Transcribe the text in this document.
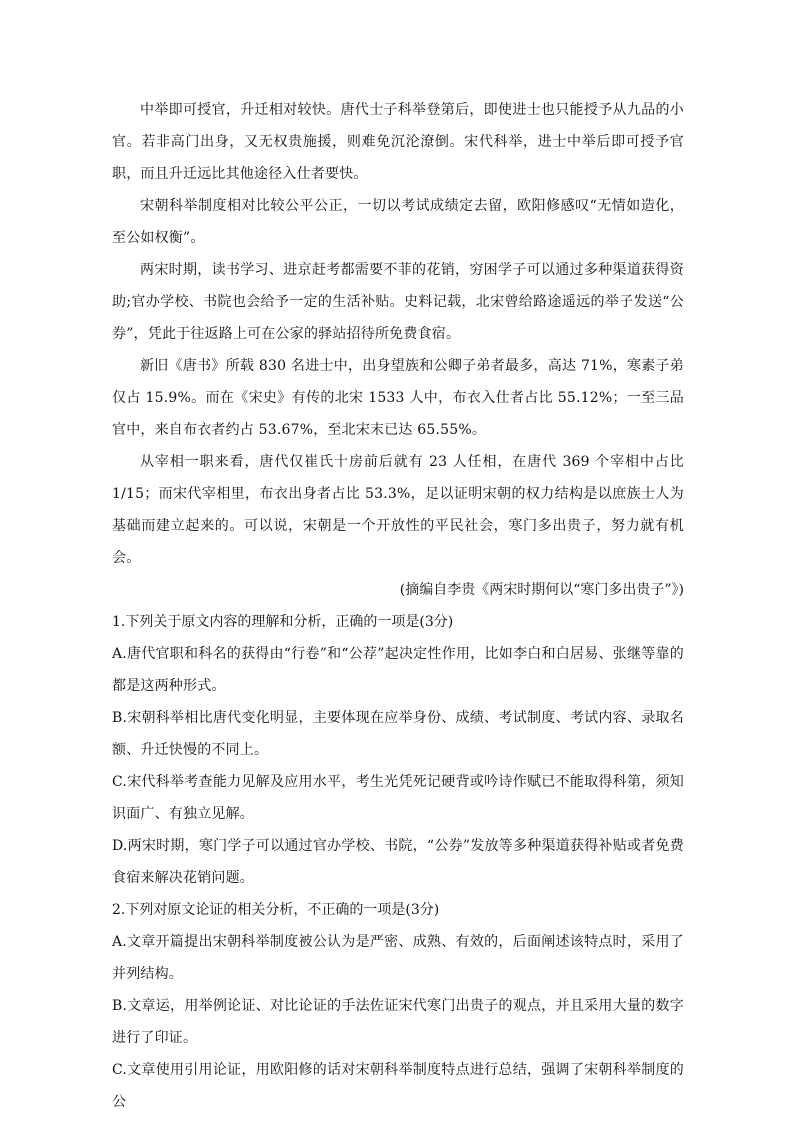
中举即可授官，升迁相对较快。唐代士子科举登第后，即使进士也只能授予从九品的小官。若非高门出身，又无权贵施援，则难免沉沦潦倒。宋代科举，进士中举后即可授予官职，而且升迁远比其他途径入仕者要快。

宋朝科举制度相对比较公平公正，一切以考试成绩定去留，欧阳修感叹“无情如造化，至公如权衡”。

两宋时期，读书学习、进京赶考都需要不菲的花销，穷困学子可以通过多种渠道获得资助;官办学校、书院也会给予一定的生活补贴。史料记载，北宋曾给路途遥远的举子发送“公券”，凭此于往返路上可在公家的驿站招待所免费食宿。

新旧《唐书》所载 830 名进士中，出身望族和公卿子弟者最多，高达 71%，寒素子弟仅占 15.9%。而在《宋史》有传的北宋 1533 人中，布衣入仕者占比 55.12%；一至三品官中，来自布衣者约占 53.67%，至北宋末已达 65.55%。

从宰相一职来看，唐代仅崔氏十房前后就有 23 人任相，在唐代 369 个宰相中占比 1/15；而宋代宰相里，布衣出身者占比 53.3%，足以证明宋朝的权力结构是以庶族士人为基础而建立起来的。可以说，宋朝是一个开放性的平民社会，寒门多出贵子，努力就有机会。

(摘编自李贵《两宋时期何以“寒门多出贵子”》)

1.下列关于原文内容的理解和分析，正确的一项是(3分)

A.唐代官职和科名的获得由“行卷”和“公荐”起决定性作用，比如李白和白居易、张继等靠的都是这两种形式。

B.宋朝科举相比唐代变化明显，主要体现在应举身份、成绩、考试制度、考试内容、录取名额、升迁快慢的不同上。

C.宋代科举考查能力见解及应用水平，考生光凭死记硬背或吟诗作赋已不能取得科第，须知识面广、有独立见解。

D.两宋时期，寒门学子可以通过官办学校、书院，“公券”发放等多种渠道获得补贴或者免费食宿来解决花销问题。

2.下列对原文论证的相关分析，不正确的一项是(3分)

A.文章开篇提出宋朝科举制度被公认为是严密、成熟、有效的，后面阐述该特点时，采用了并列结构。

B.文章运，用举例论证、对比论证的手法佐证宋代寒门出贵子的观点，并且采用大量的数字进行了印证。

C.文章使用引用论证，用欧阳修的话对宋朝科举制度特点进行总结，强调了宋朝科举制度的公
